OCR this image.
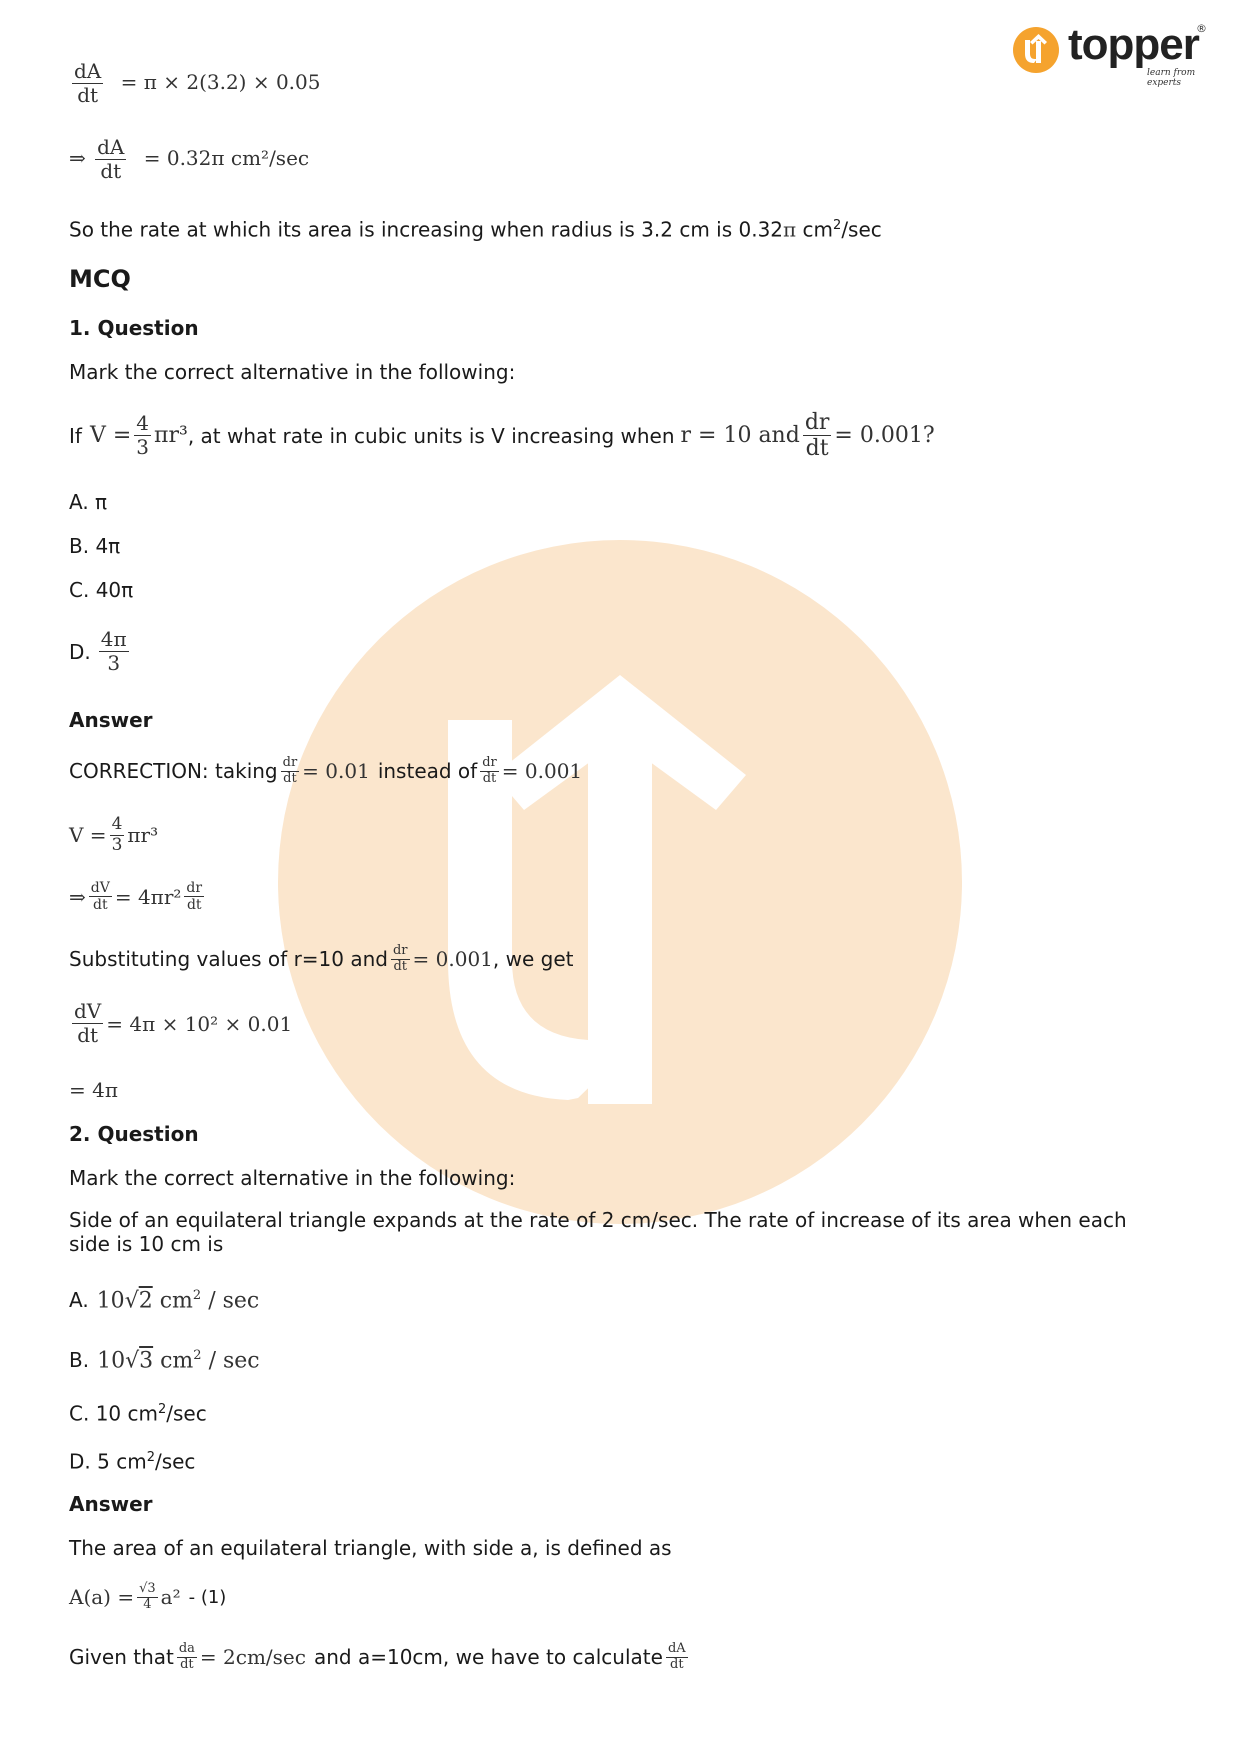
topper
learn from experts
®
$\frac{dA}{dt} = \pi \times 2(3.2) \times 0.05$
⇒ $\frac{dA}{dt} = 0.32\pi$ cm²/sec
So the rate at which its area is increasing when radius is 3.2 cm is 0.32π $cm^2/\sec$
MCQ
1. Question
Mark the correct alternative in the following:
If $V = \frac{4}{3} \pi r^3$ , at what rate in cubic units is V increasing when r = 10 and $\frac{dr}{dt} = 0.001$?
A. π
B. 4π
C. 40π
D. $\frac{4\pi}{3}$
Answer
CORRECTION: taking $\frac{dr}{dt} = 0.01$ instead of $\frac{dr}{dt} = 0.001$
$V = \frac{4}{3} \pi r^3$
⇒ $\frac{dV}{dt} = 4\pi r^2 \frac{dr}{dt}$
Substituting values of r=10 and $\frac{dr}{dt} = 0.001$ , we get
$\frac{dV}{dt} = 4\pi \times 10^2 \times 0.01$
= 4π
2. Question
Mark the correct alternative in the following:
Side of an equilateral triangle expands at the rate of 2 cm/sec. The rate of increase of its area when each side is 10 cm is
A. 10√2 $cm^2$ / sec
B. 10√3 $cm^2$ / sec
C. 10 $cm^2/\sec$
D. 5 $cm^2/\sec$
Answer
The area of an equilateral triangle, with side a, is defined as
$A(a) = \frac{√3}{4} a^2 - (1)$
Given that $\frac{da}{dt} = 2cm/\sec$ and a=10cm, we have to calculate $\frac{dA}{dt}$
